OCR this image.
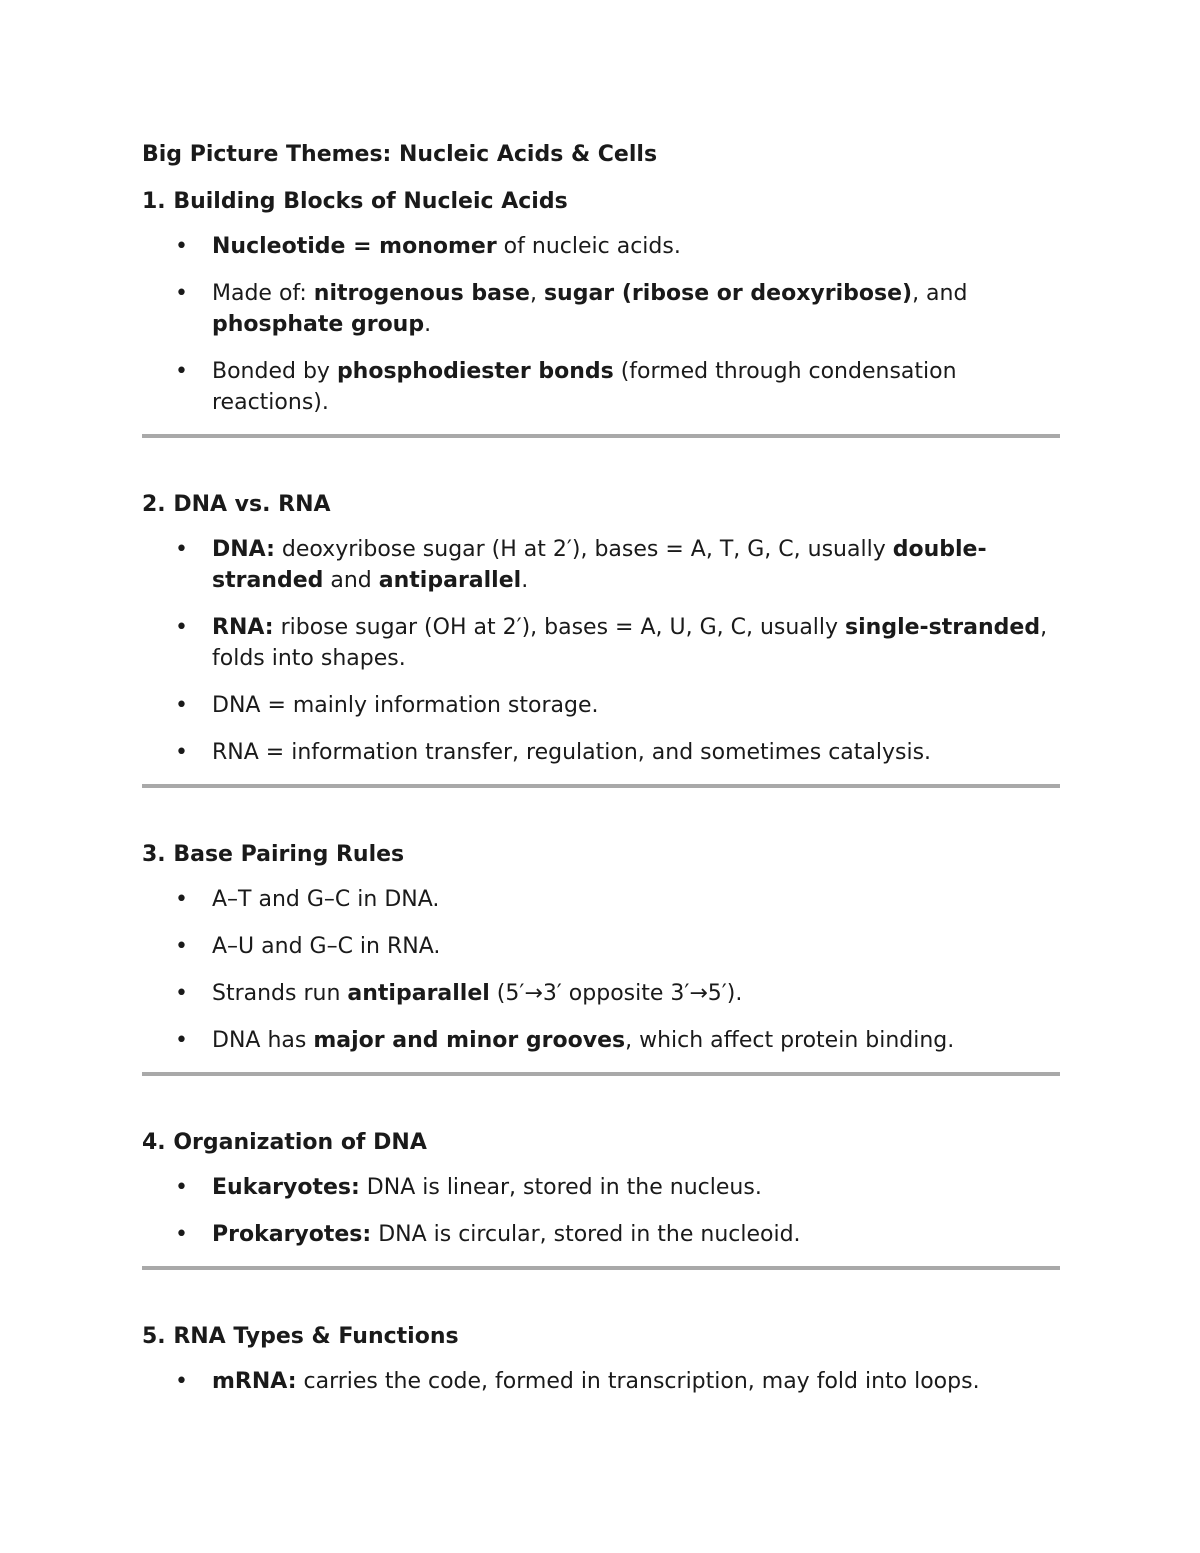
Big Picture Themes: Nucleic Acids & Cells
1. Building Blocks of Nucleic Acids
• Nucleotide = monomer of nucleic acids.
• Made of: nitrogenous base, sugar (ribose or deoxyribose), and phosphate group.
• Bonded by phosphodiester bonds (formed through condensation reactions).
2. DNA vs. RNA
• DNA: deoxyribose sugar (H at 2′), bases = A, T, G, C, usually double-stranded and antiparallel.
• RNA: ribose sugar (OH at 2′), bases = A, U, G, C, usually single-stranded, folds into shapes.
• DNA = mainly information storage.
• RNA = information transfer, regulation, and sometimes catalysis.
3. Base Pairing Rules
• A–T and G–C in DNA.
• A–U and G–C in RNA.
• Strands run antiparallel (5′→3′ opposite 3′→5′).
• DNA has major and minor grooves, which affect protein binding.
4. Organization of DNA
• Eukaryotes: DNA is linear, stored in the nucleus.
• Prokaryotes: DNA is circular, stored in the nucleoid.
5. RNA Types & Functions
• mRNA: carries the code, formed in transcription, may fold into loops.
